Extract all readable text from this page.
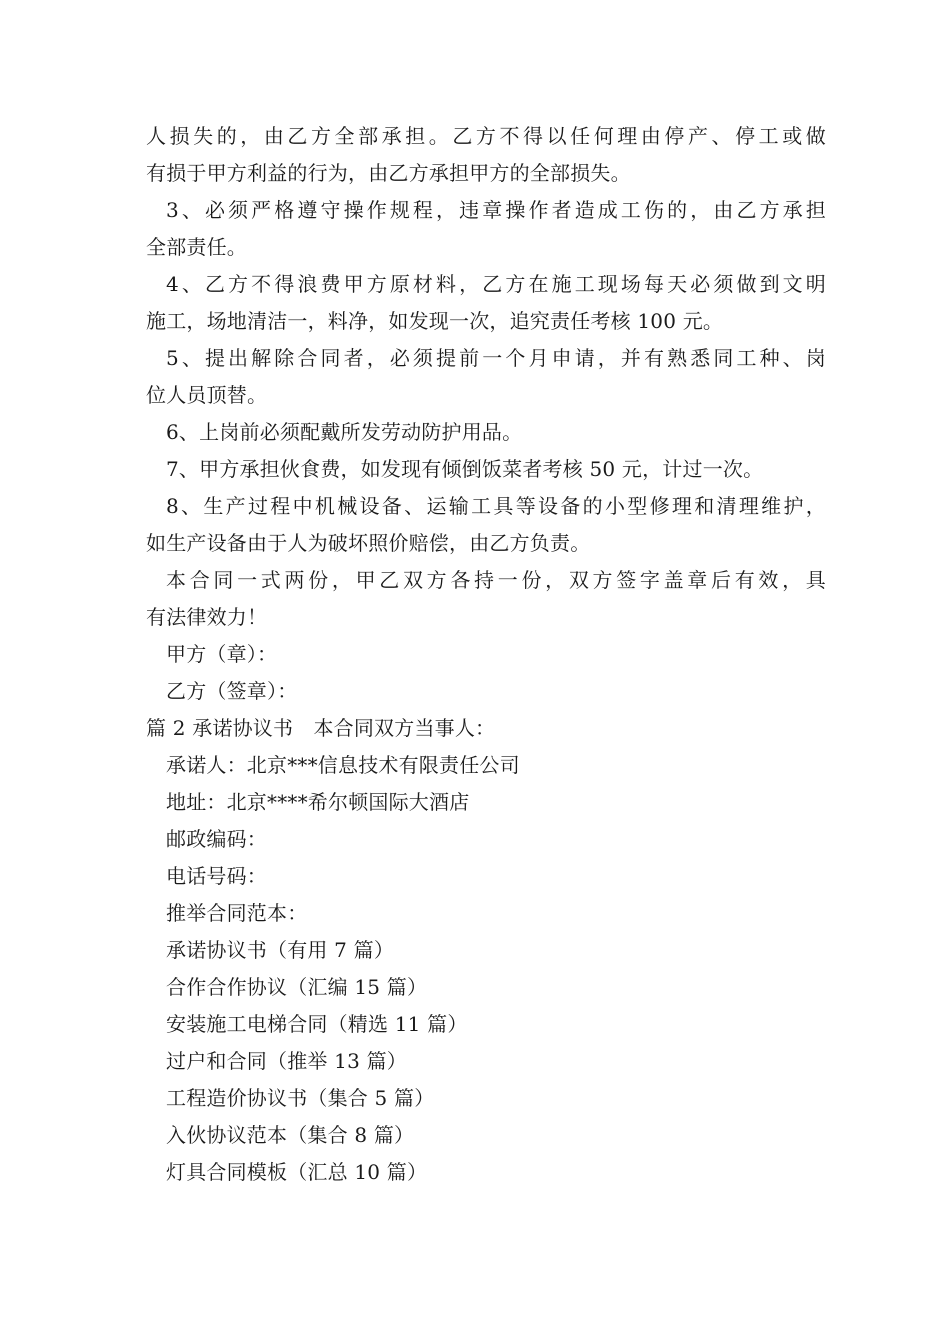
人损失的，由乙方全部承担。乙方不得以任何理由停产、停工或做
有损于甲方利益的行为，由乙方承担甲方的全部损失。
3、必须严格遵守操作规程，违章操作者造成工伤的，由乙方承担
全部责任。
4、乙方不得浪费甲方原材料，乙方在施工现场每天必须做到文明
施工，场地清洁一，料净，如发现一次，追究责任考核 100 元。
5、提出解除合同者，必须提前一个月申请，并有熟悉同工种、岗
位人员顶替。
6、上岗前必须配戴所发劳动防护用品。
7、甲方承担伙食费，如发现有倾倒饭菜者考核 50 元，计过一次。
8、生产过程中机械设备、运输工具等设备的小型修理和清理维护，
如生产设备由于人为破坏照价赔偿，由乙方负责。
本合同一式两份，甲乙双方各持一份，双方签字盖章后有效，具
有法律效力！
甲方（章）：
乙方（签章）：
篇 2 承诺协议书　本合同双方当事人：
承诺人：北京***信息技术有限责任公司
地址：北京****希尔顿国际大酒店
邮政编码：
电话号码：
推举合同范本：
承诺协议书（有用 7 篇）
合作合作协议（汇编 15 篇）
安装施工电梯合同（精选 11 篇）
过户和合同（推举 13 篇）
工程造价协议书（集合 5 篇）
入伙协议范本（集合 8 篇）
灯具合同模板（汇总 10 篇）
